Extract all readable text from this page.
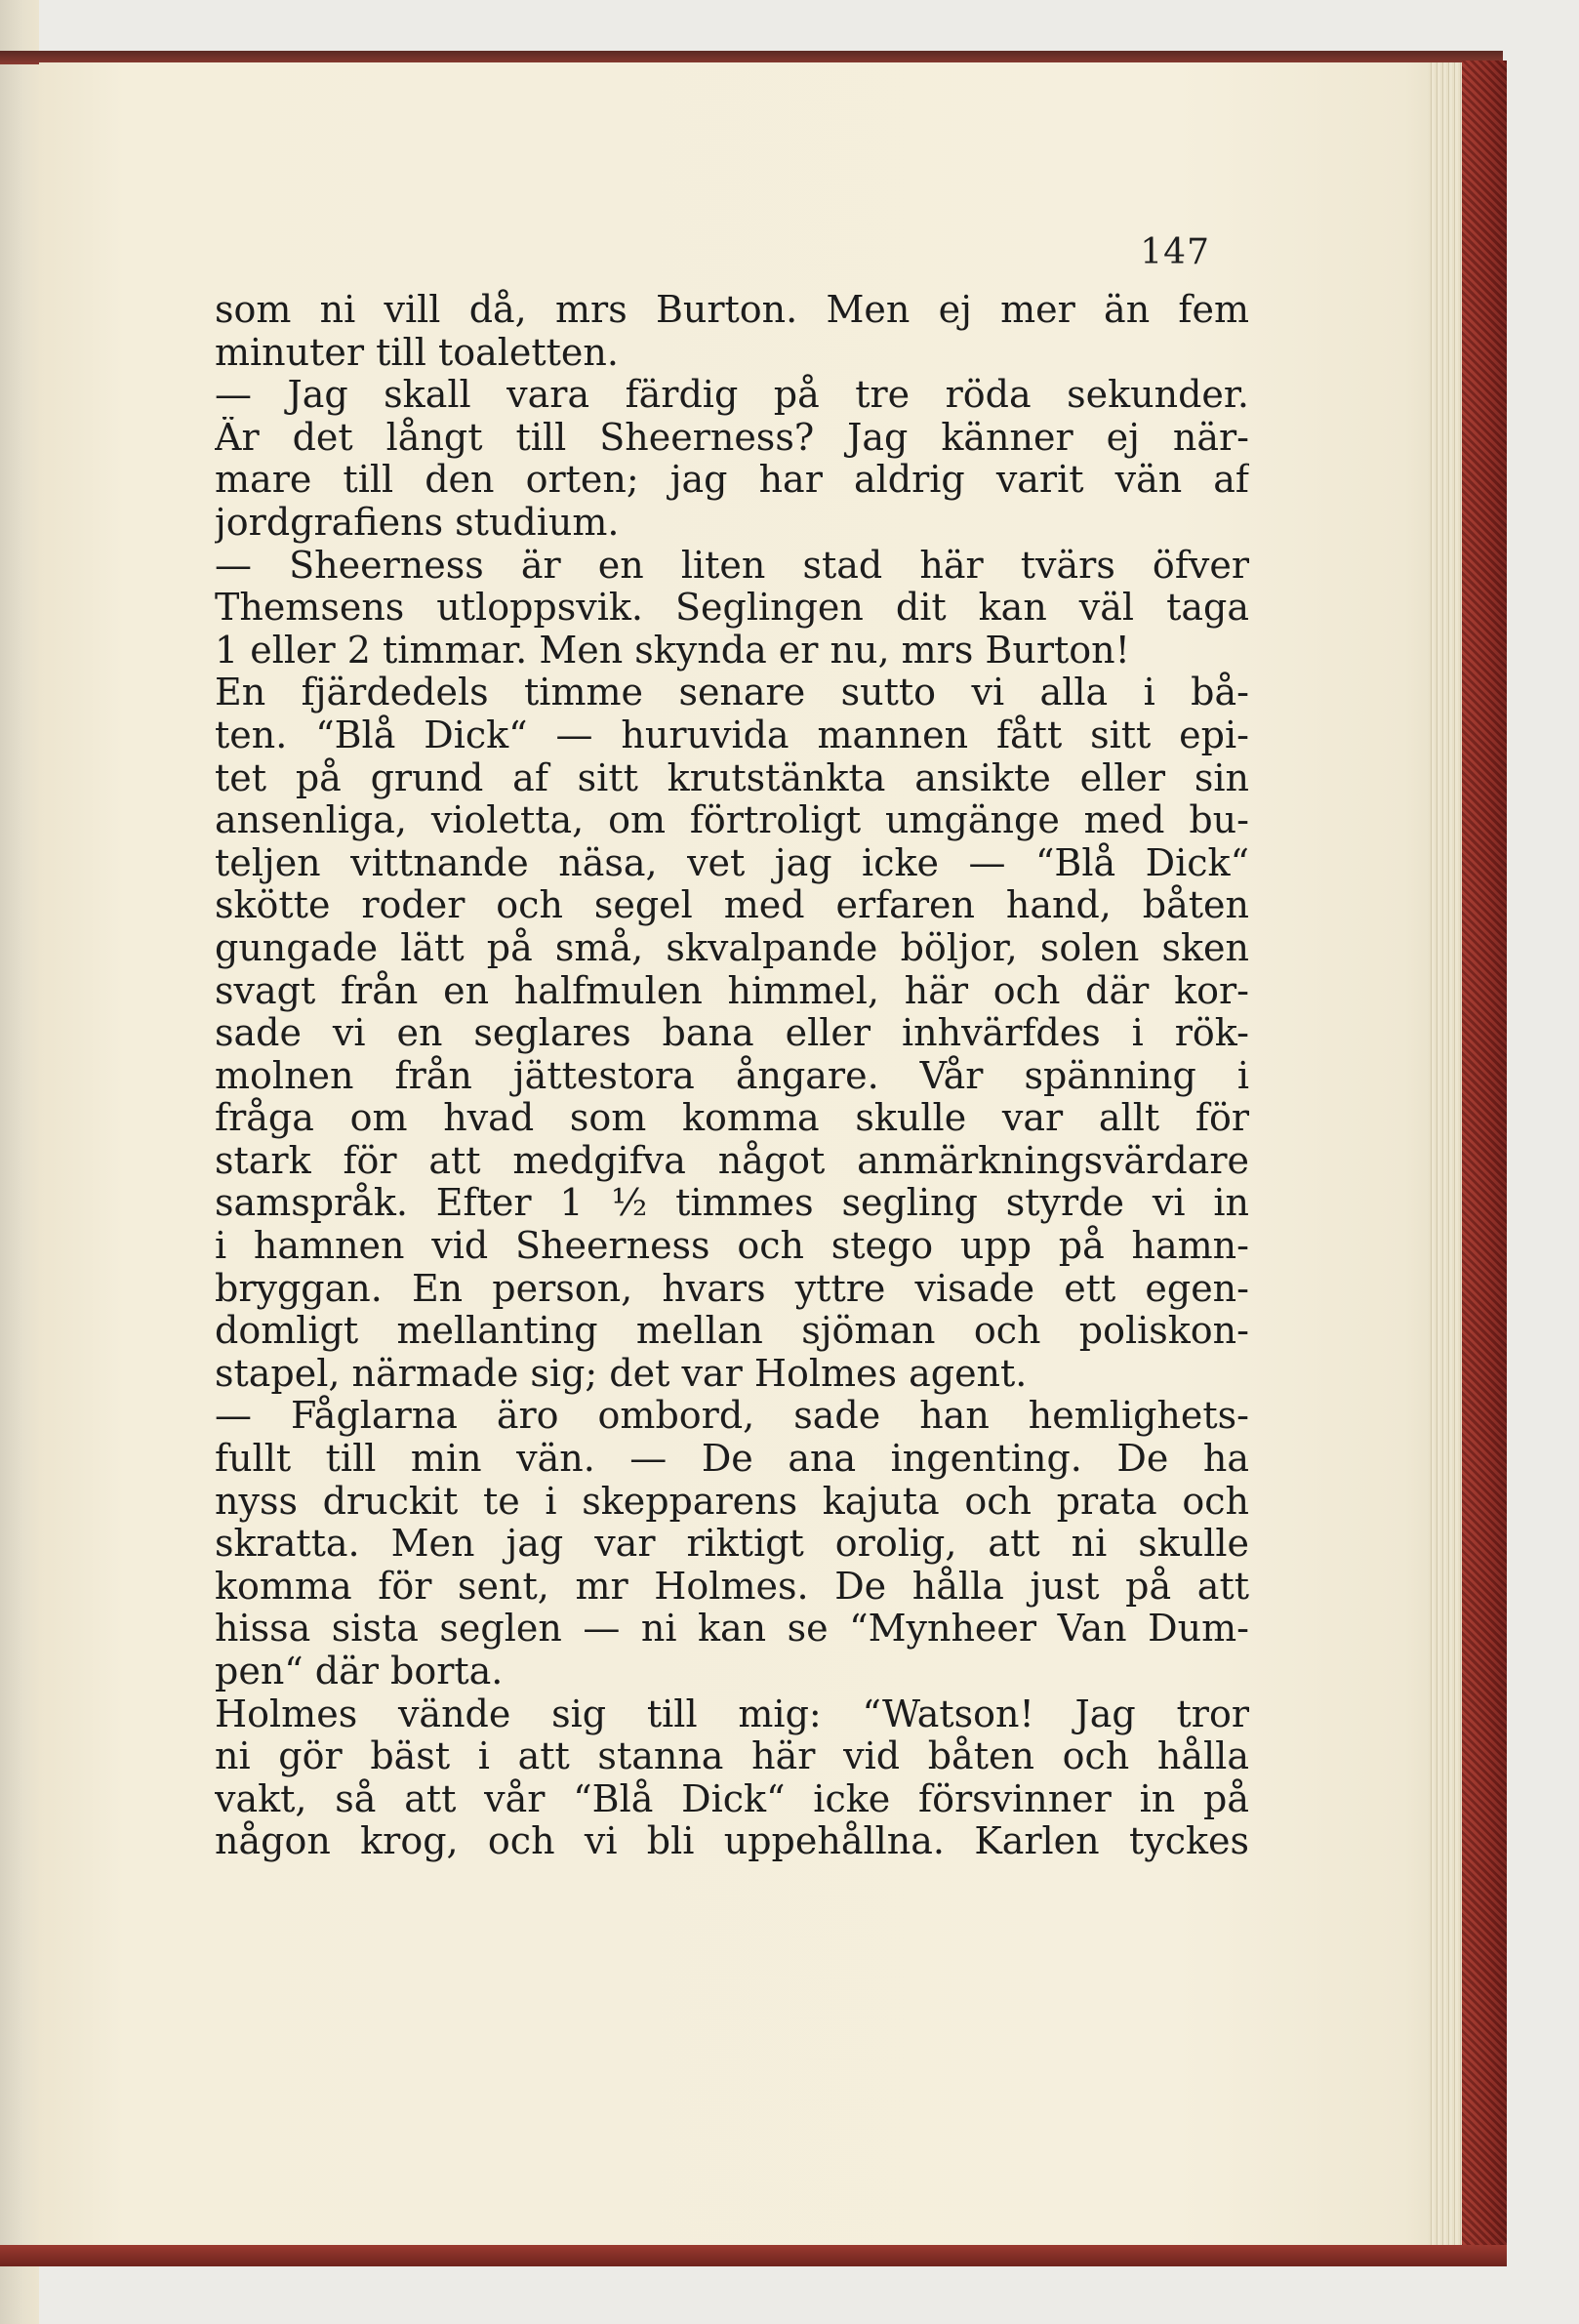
147
som ni vill då, mrs Burton. Men ej mer än fem
minuter till toaletten.
— Jag skall vara färdig på tre röda sekunder.
Är det långt till Sheerness? Jag känner ej när-
mare till den orten; jag har aldrig varit vän af
jordgrafiens studium.
— Sheerness är en liten stad här tvärs öfver
Themsens utloppsvik. Seglingen dit kan väl taga
1 eller 2 timmar. Men skynda er nu, mrs Burton!
En fjärdedels timme senare sutto vi alla i bå-
ten. “Blå Dick“ — huruvida mannen fått sitt epi-
tet på grund af sitt krutstänkta ansikte eller sin
ansenliga, violetta, om förtroligt umgänge med bu-
teljen vittnande näsa, vet jag icke — “Blå Dick“
skötte roder och segel med erfaren hand, båten
gungade lätt på små, skvalpande böljor, solen sken
svagt från en halfmulen himmel, här och där kor-
sade vi en seglares bana eller inhvärfdes i rök-
molnen från jättestora ångare. Vår spänning i
fråga om hvad som komma skulle var allt för
stark för att medgifva något anmärkningsvärdare
samspråk. Efter 1 ½ timmes segling styrde vi in
i hamnen vid Sheerness och stego upp på hamn-
bryggan. En person, hvars yttre visade ett egen-
domligt mellanting mellan sjöman och poliskon-
stapel, närmade sig; det var Holmes agent.
— Fåglarna äro ombord, sade han hemlighets-
fullt till min vän. — De ana ingenting. De ha
nyss druckit te i skepparens kajuta och prata och
skratta. Men jag var riktigt orolig, att ni skulle
komma för sent, mr Holmes. De hålla just på att
hissa sista seglen — ni kan se “Mynheer Van Dum-
pen“ där borta.
Holmes vände sig till mig: “Watson! Jag tror
ni gör bäst i att stanna här vid båten och hålla
vakt, så att vår “Blå Dick“ icke försvinner in på
någon krog, och vi bli uppehållna. Karlen tyckes
